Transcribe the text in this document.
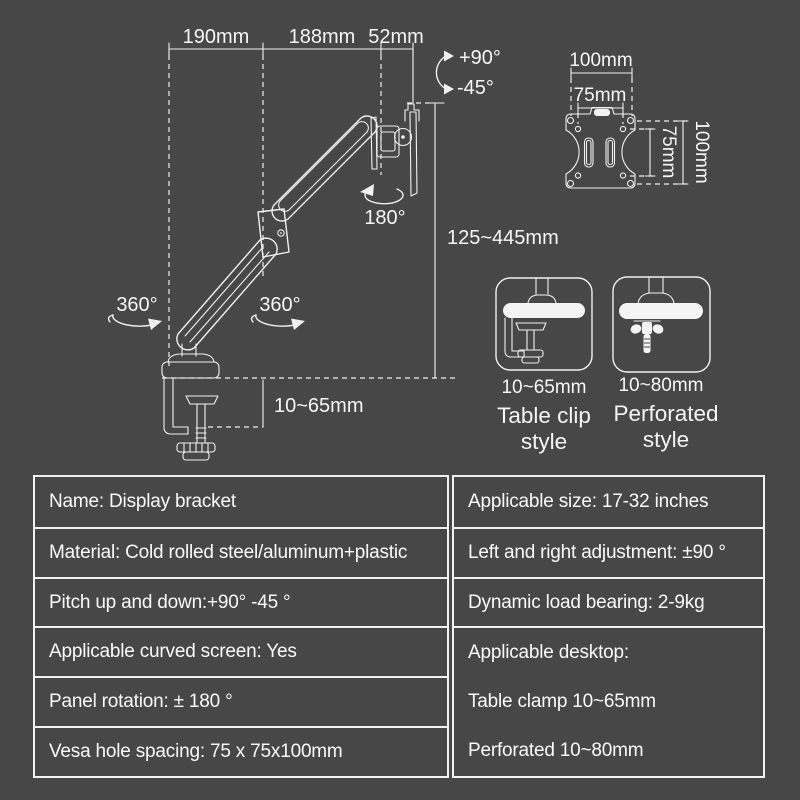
190mm 188mm 52mm
+90°
-45°
125~445mm
10~65mm
180°
360°	360°
100mm
75mm
75mm 100mm
10~65mm
Table clip
style
10~80mm
Perforated
style
Name: Display bracket
Material: Cold rolled steel/aluminum+plastic
Pitch up and down:+90° -45 °
Applicable curved screen: Yes
Panel rotation: ± 180 °
Vesa hole spacing: 75 x 75x100mm
Applicable size: 17-32 inches
Left and right adjustment: ±90 °
Dynamic load bearing: 2-9kg
Applicable desktop:
Table clamp 10~65mm
Perforated 10~80mm
